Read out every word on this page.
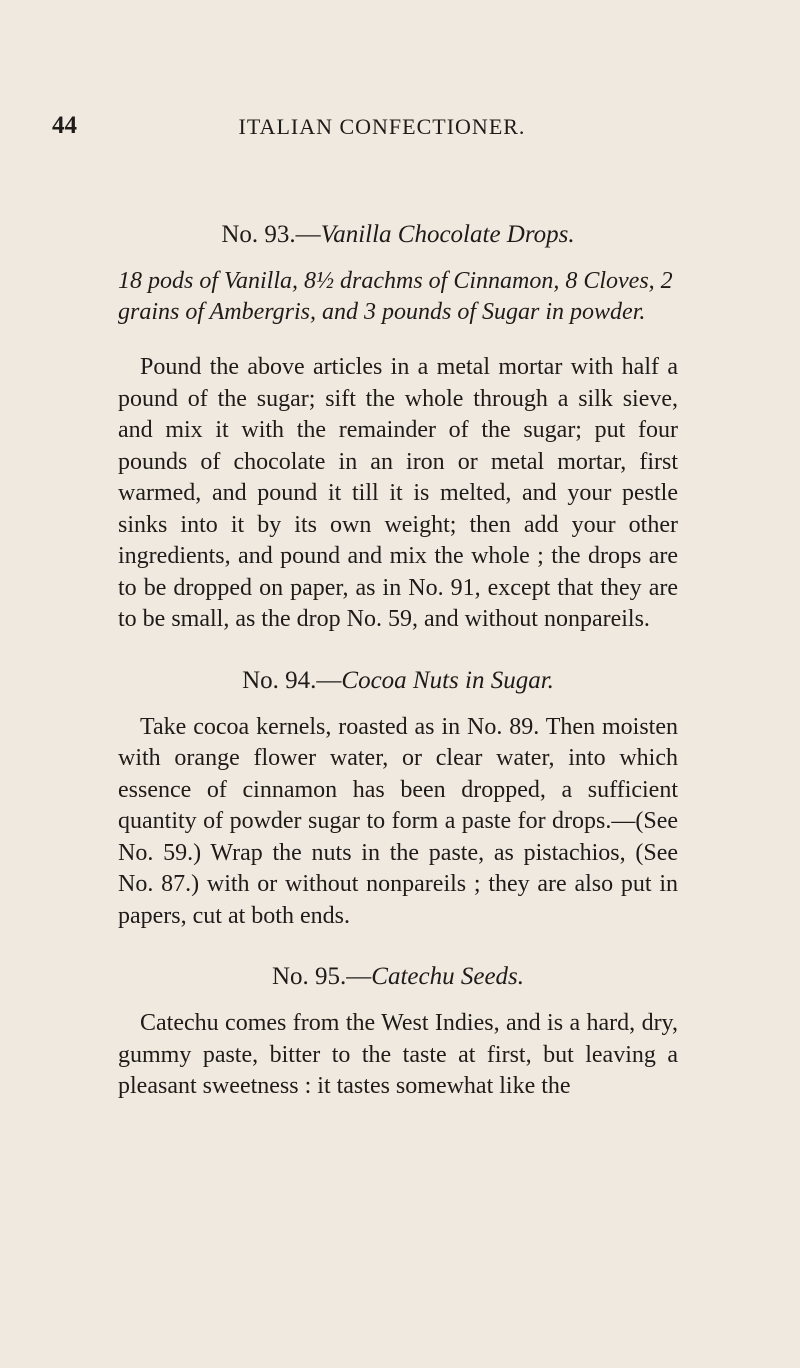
44	ITALIAN CONFECTIONER.
No. 93.—Vanilla Chocolate Drops.

18 pods of Vanilla, 8½ drachms of Cinnamon, 8 Cloves, 2 grains of Ambergris, and 3 pounds of Sugar in powder.

Pound the above articles in a metal mortar with half a pound of the sugar; sift the whole through a silk sieve, and mix it with the remainder of the sugar; put four pounds of chocolate in an iron or metal mortar, first warmed, and pound it till it is melted, and your pestle sinks into it by its own weight; then add your other ingredients, and pound and mix the whole ; the drops are to be dropped on paper, as in No. 91, except that they are to be small, as the drop No. 59, and without nonpareils.

No. 94.—Cocoa Nuts in Sugar.

Take cocoa kernels, roasted as in No. 89. Then moisten with orange flower water, or clear water, into which essence of cinnamon has been dropped, a sufficient quantity of powder sugar to form a paste for drops.—(See No. 59.) Wrap the nuts in the paste, as pistachios, (See No. 87.) with or without nonpareils ; they are also put in papers, cut at both ends.

No. 95.—Catechu Seeds.

Catechu comes from the West Indies, and is a hard, dry, gummy paste, bitter to the taste at first, but leaving a pleasant sweetness : it tastes somewhat like the
